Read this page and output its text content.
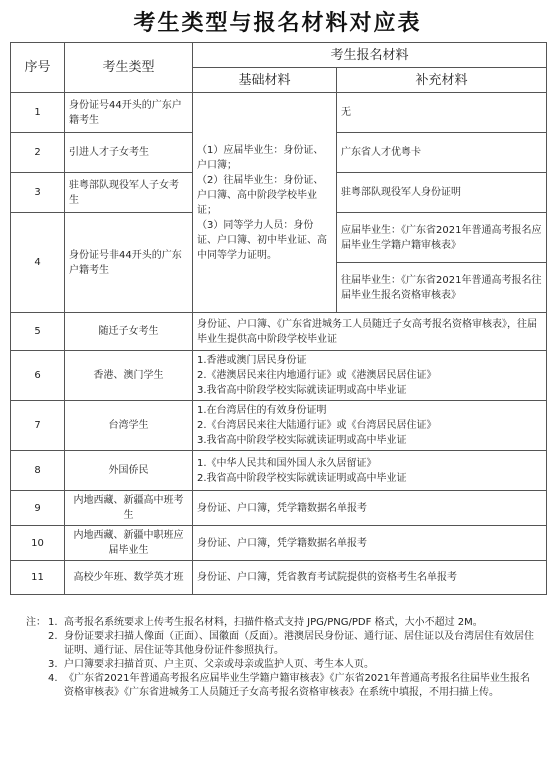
考生类型与报名材料对应表
序号	考生类型	考生报名材料	
		基础材料	补充材料
1	身份证号44开头的广东户籍考生	（1）应届毕业生：身份证、户口簿；
（2）往届毕业生：身份证、户口簿、高中阶段学校毕业证；
（3）同等学力人员：身份证、户口簿、初中毕业证、高中同等学力证明。	无
2	引进人才子女考生		广东省人才优粤卡
3	驻粤部队现役军人子女考生		驻粤部队现役军人身份证明
4	身份证号非44开头的广东户籍考生		应届毕业生：《广东省2021年普通高考报名应届毕业生学籍户籍审核表》
			往届毕业生：《广东省2021年普通高考报名往届毕业生报名资格审核表》
5	随迁子女考生	身份证、户口簿、《广东省进城务工人员随迁子女高考报名资格审核表》，往届毕业生提供高中阶段学校毕业证	
6	香港、澳门学生	1.香港或澳门居民身份证
2.《港澳居民来往内地通行证》或《港澳居民居住证》
3.我省高中阶段学校实际就读证明或高中毕业证	

7	台湾学生	1.在台湾居住的有效身份证明
2.《台湾居民来往大陆通行证》或《台湾居民居住证》
3.我省高中阶段学校实际就读证明或高中毕业证	

8	外国侨民	1.《中华人民共和国外国人永久居留证》
2.我省高中阶段学校实际就读证明或高中毕业证	

9	内地西藏、新疆高中班考生	身份证、户口簿，凭学籍数据名单报考	
10	内地西藏、新疆中职班应届毕业生	身份证、户口簿，凭学籍数据名单报考	
11	高校少年班、数学英才班	身份证、户口簿，凭省教育考试院提供的资格考生名单报考	
注： 1. 高考报名系统要求上传考生报名材料，扫描件格式支持 JPG/PNG/PDF 格式，大小不超过 2M。
2. 身份证要求扫描人像面（正面）、国徽面（反面）。港澳居民身份证、通行证、居住证以及台湾居住有效居住证明、通行证、居住证等其他身份证件参照执行。
3. 户口簿要求扫描首页、户主页、父亲或母亲或监护人页、考生本人页。
4. 《广东省2021年普通高考报名应届毕业生学籍户籍审核表》《广东省2021年普通高考报名往届毕业生报名资格审核表》《广东省进城务工人员随迁子女高考报名资格审核表》在系统中填报，不用扫描上传。
